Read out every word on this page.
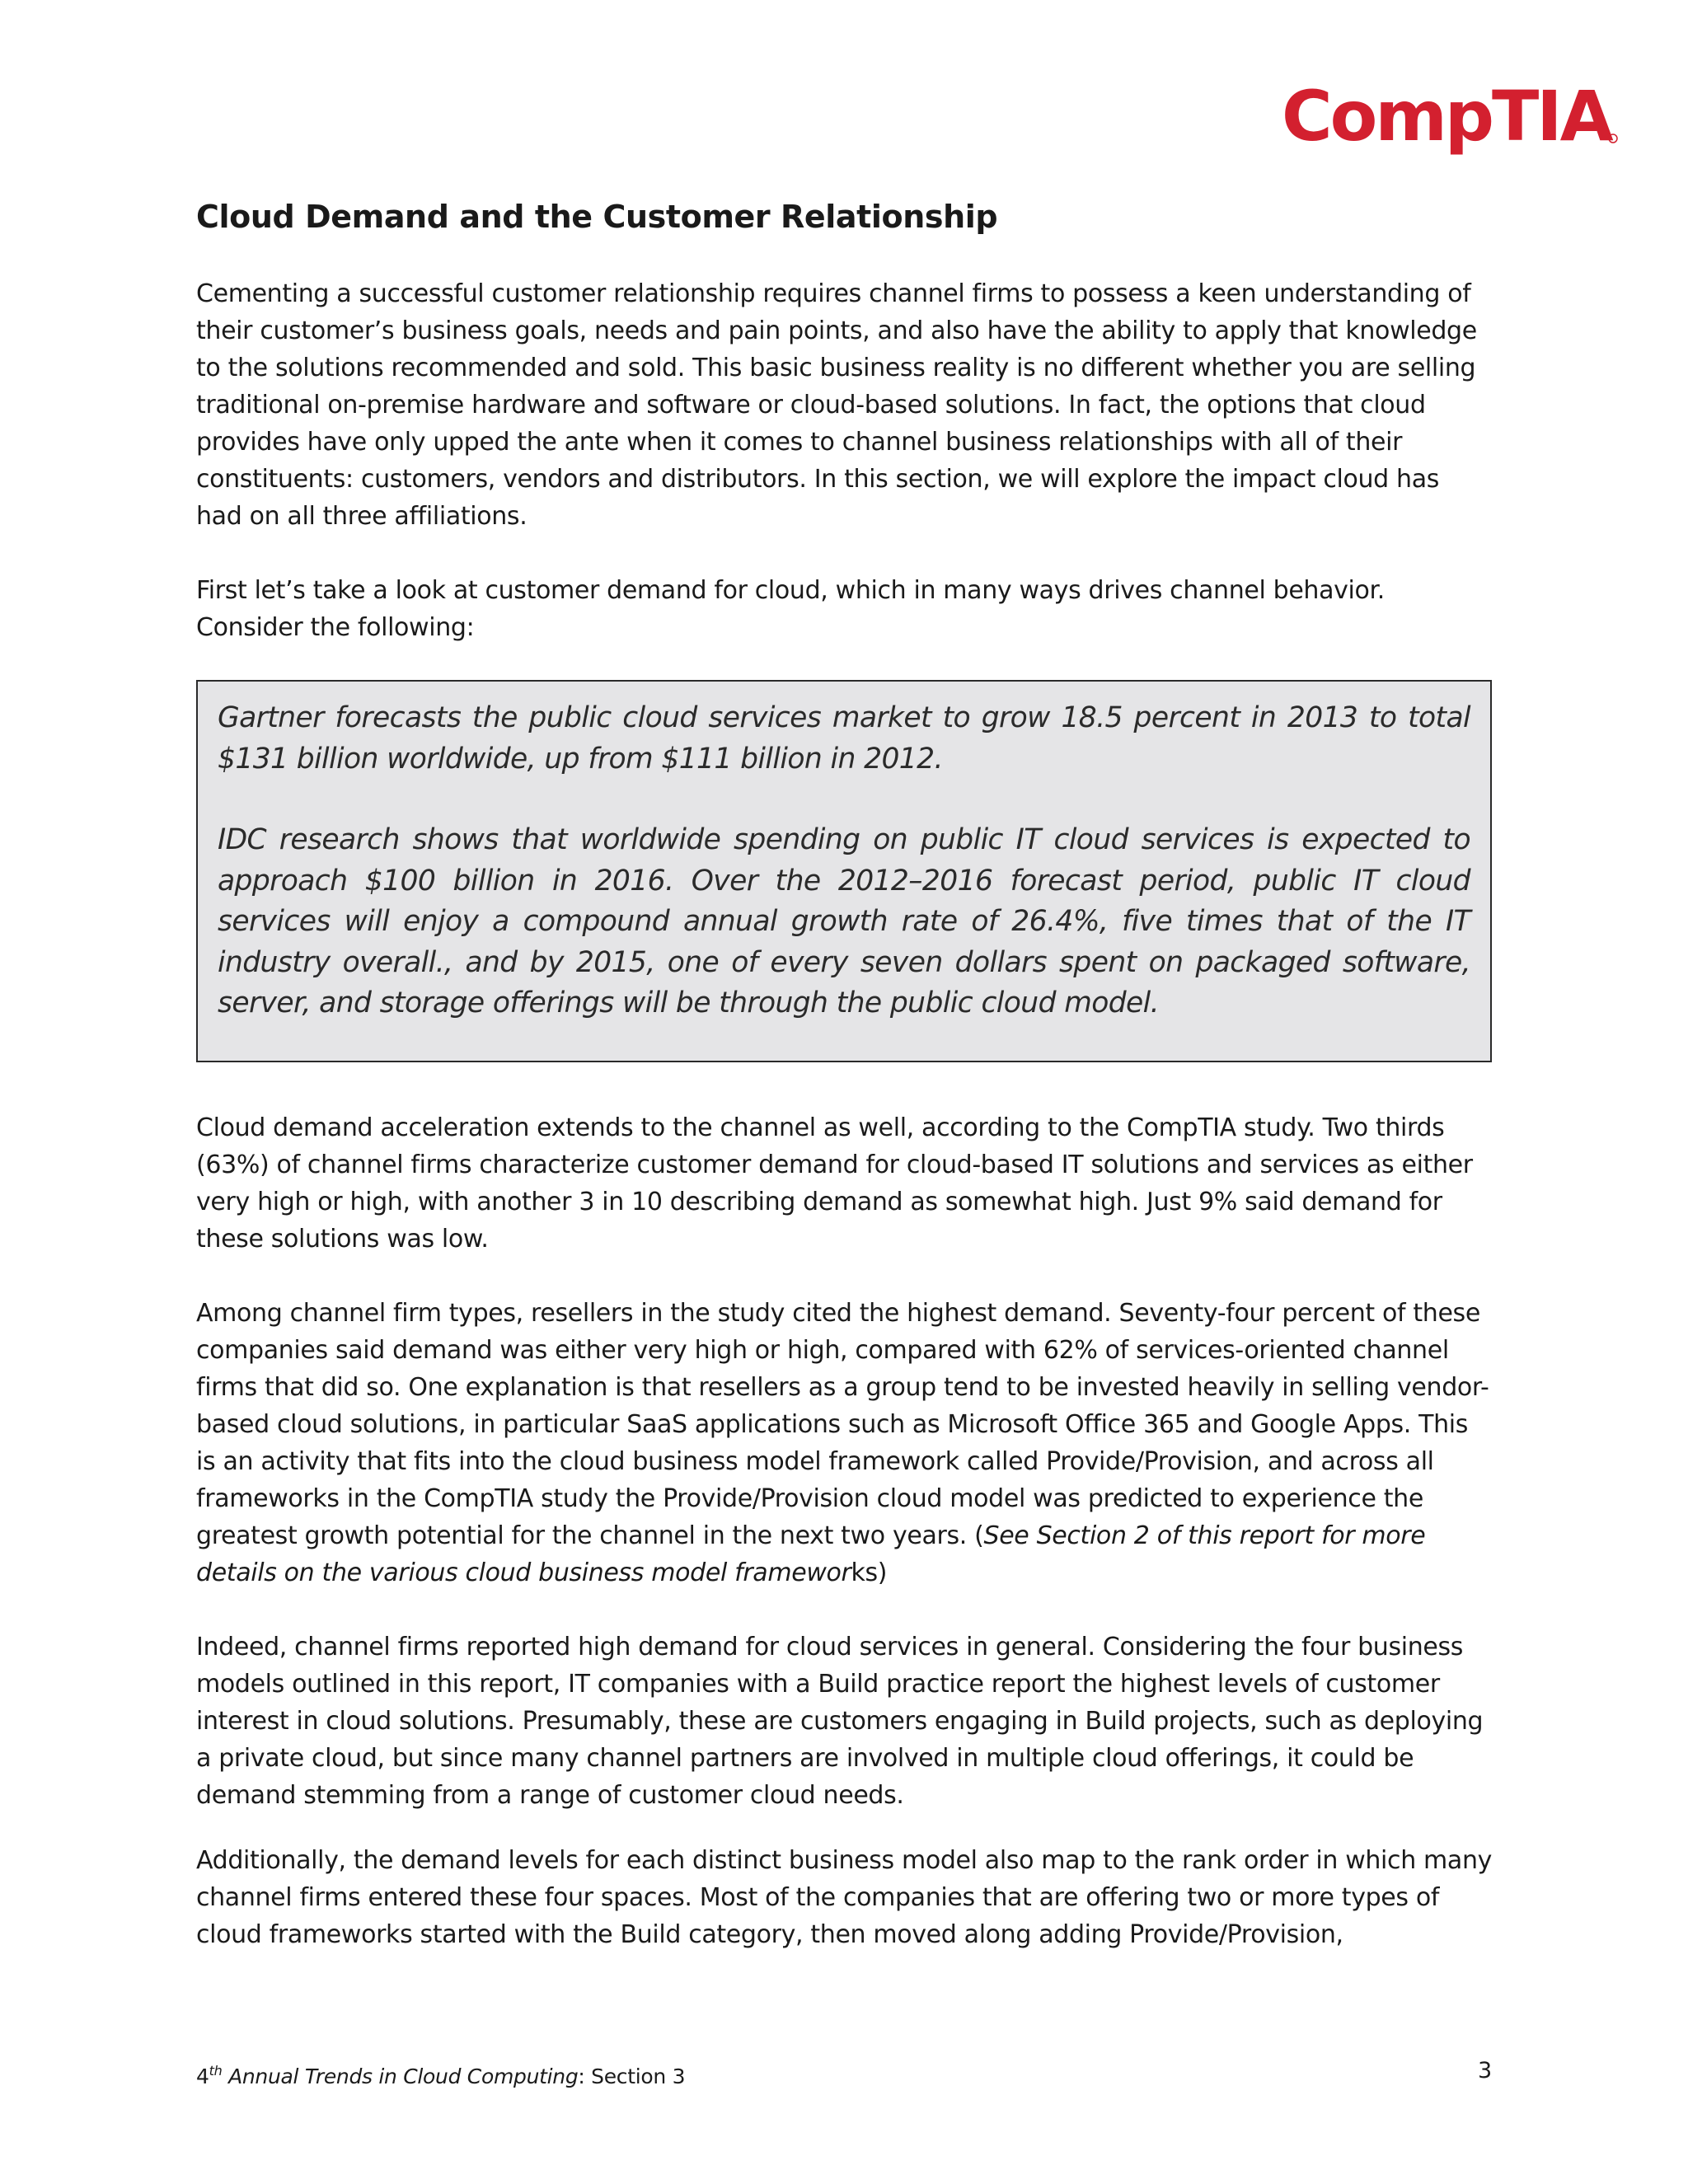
CompTIA
Cloud Demand and the Customer Relationship

Cementing a successful customer relationship requires channel firms to possess a keen understanding of their customer’s business goals, needs and pain points, and also have the ability to apply that knowledge to the solutions recommended and sold. This basic business reality is no different whether you are selling traditional on-premise hardware and software or cloud-based solutions. In fact, the options that cloud provides have only upped the ante when it comes to channel business relationships with all of their constituents: customers, vendors and distributors. In this section, we will explore the impact cloud has had on all three affiliations.

First let’s take a look at customer demand for cloud, which in many ways drives channel behavior. Consider the following:

Gartner forecasts the public cloud services market to grow 18.5 percent in 2013 to total $131 billion worldwide, up from $111 billion in 2012.

IDC research shows that worldwide spending on public IT cloud services is expected to approach $100 billion in 2016. Over the 2012–2016 forecast period, public IT cloud services will enjoy a compound annual growth rate of 26.4%, five times that of the IT industry overall., and by 2015, one of every seven dollars spent on packaged software, server, and storage offerings will be through the public cloud model.

Cloud demand acceleration extends to the channel as well, according to the CompTIA study. Two thirds (63%) of channel firms characterize customer demand for cloud-based IT solutions and services as either very high or high, with another 3 in 10 describing demand as somewhat high. Just 9% said demand for these solutions was low.

Among channel firm types, resellers in the study cited the highest demand. Seventy-four percent of these companies said demand was either very high or high, compared with 62% of services-oriented channel firms that did so. One explanation is that resellers as a group tend to be invested heavily in selling vendor-based cloud solutions, in particular SaaS applications such as Microsoft Office 365 and Google Apps. This is an activity that fits into the cloud business model framework called Provide/Provision, and across all frameworks in the CompTIA study the Provide/Provision cloud model was predicted to experience the greatest growth potential for the channel in the next two years. (See Section 2 of this report for more details on the various cloud business model frameworks)

Indeed, channel firms reported high demand for cloud services in general. Considering the four business models outlined in this report, IT companies with a Build practice report the highest levels of customer interest in cloud solutions. Presumably, these are customers engaging in Build projects, such as deploying a private cloud, but since many channel partners are involved in multiple cloud offerings, it could be demand stemming from a range of customer cloud needs.

Additionally, the demand levels for each distinct business model also map to the rank order in which many channel firms entered these four spaces. Most of the companies that are offering two or more types of cloud frameworks started with the Build category, then moved along adding Provide/Provision,

4th Annual Trends in Cloud Computing: Section 3	3
